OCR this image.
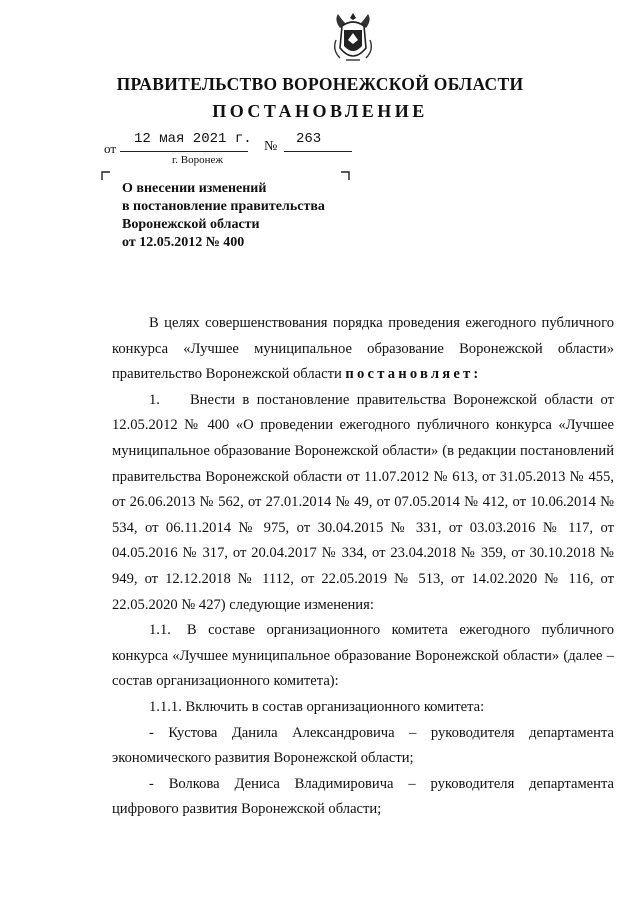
ПРАВИТЕЛЬСТВО ВОРОНЕЖСКОЙ ОБЛАСТИ
ПОСТАНОВЛЕНИЕ
от
12 мая 2021 г. № 263
г. Воронеж
О внесении изменений
в постановление правительства
Воронежской области
от 12.05.2012 № 400

В целях совершенствования порядка проведения ежегодного публичного конкурса «Лучшее муниципальное образование Воронежской области» правительство Воронежской области постановляет:

1. Внести в постановление правительства Воронежской области от 12.05.2012 № 400 «О проведении ежегодного публичного конкурса «Лучшее муниципальное образование Воронежской области» (в редакции постановлений правительства Воронежской области от 11.07.2012 № 613, от 31.05.2013 № 455, от 26.06.2013 № 562, от 27.01.2014 № 49, от 07.05.2014 № 412, от 10.06.2014 № 534, от 06.11.2014 № 975, от 30.04.2015 № 331, от 03.03.2016 № 117, от 04.05.2016 № 317, от 20.04.2017 № 334, от 23.04.2018 № 359, от 30.10.2018 № 949, от 12.12.2018 № 1112, от 22.05.2019 № 513, от 14.02.2020 № 116, от 22.05.2020 № 427) следующие изменения:

1.1. В составе организационного комитета ежегодного публичного конкурса «Лучшее муниципальное образование Воронежской области» (далее – состав организационного комитета):

1.1.1. Включить в состав организационного комитета:

- Кустова Данила Александровича – руководителя департамента экономического развития Воронежской области;

- Волкова Дениса Владимировича – руководителя департамента цифрового развития Воронежской области;
